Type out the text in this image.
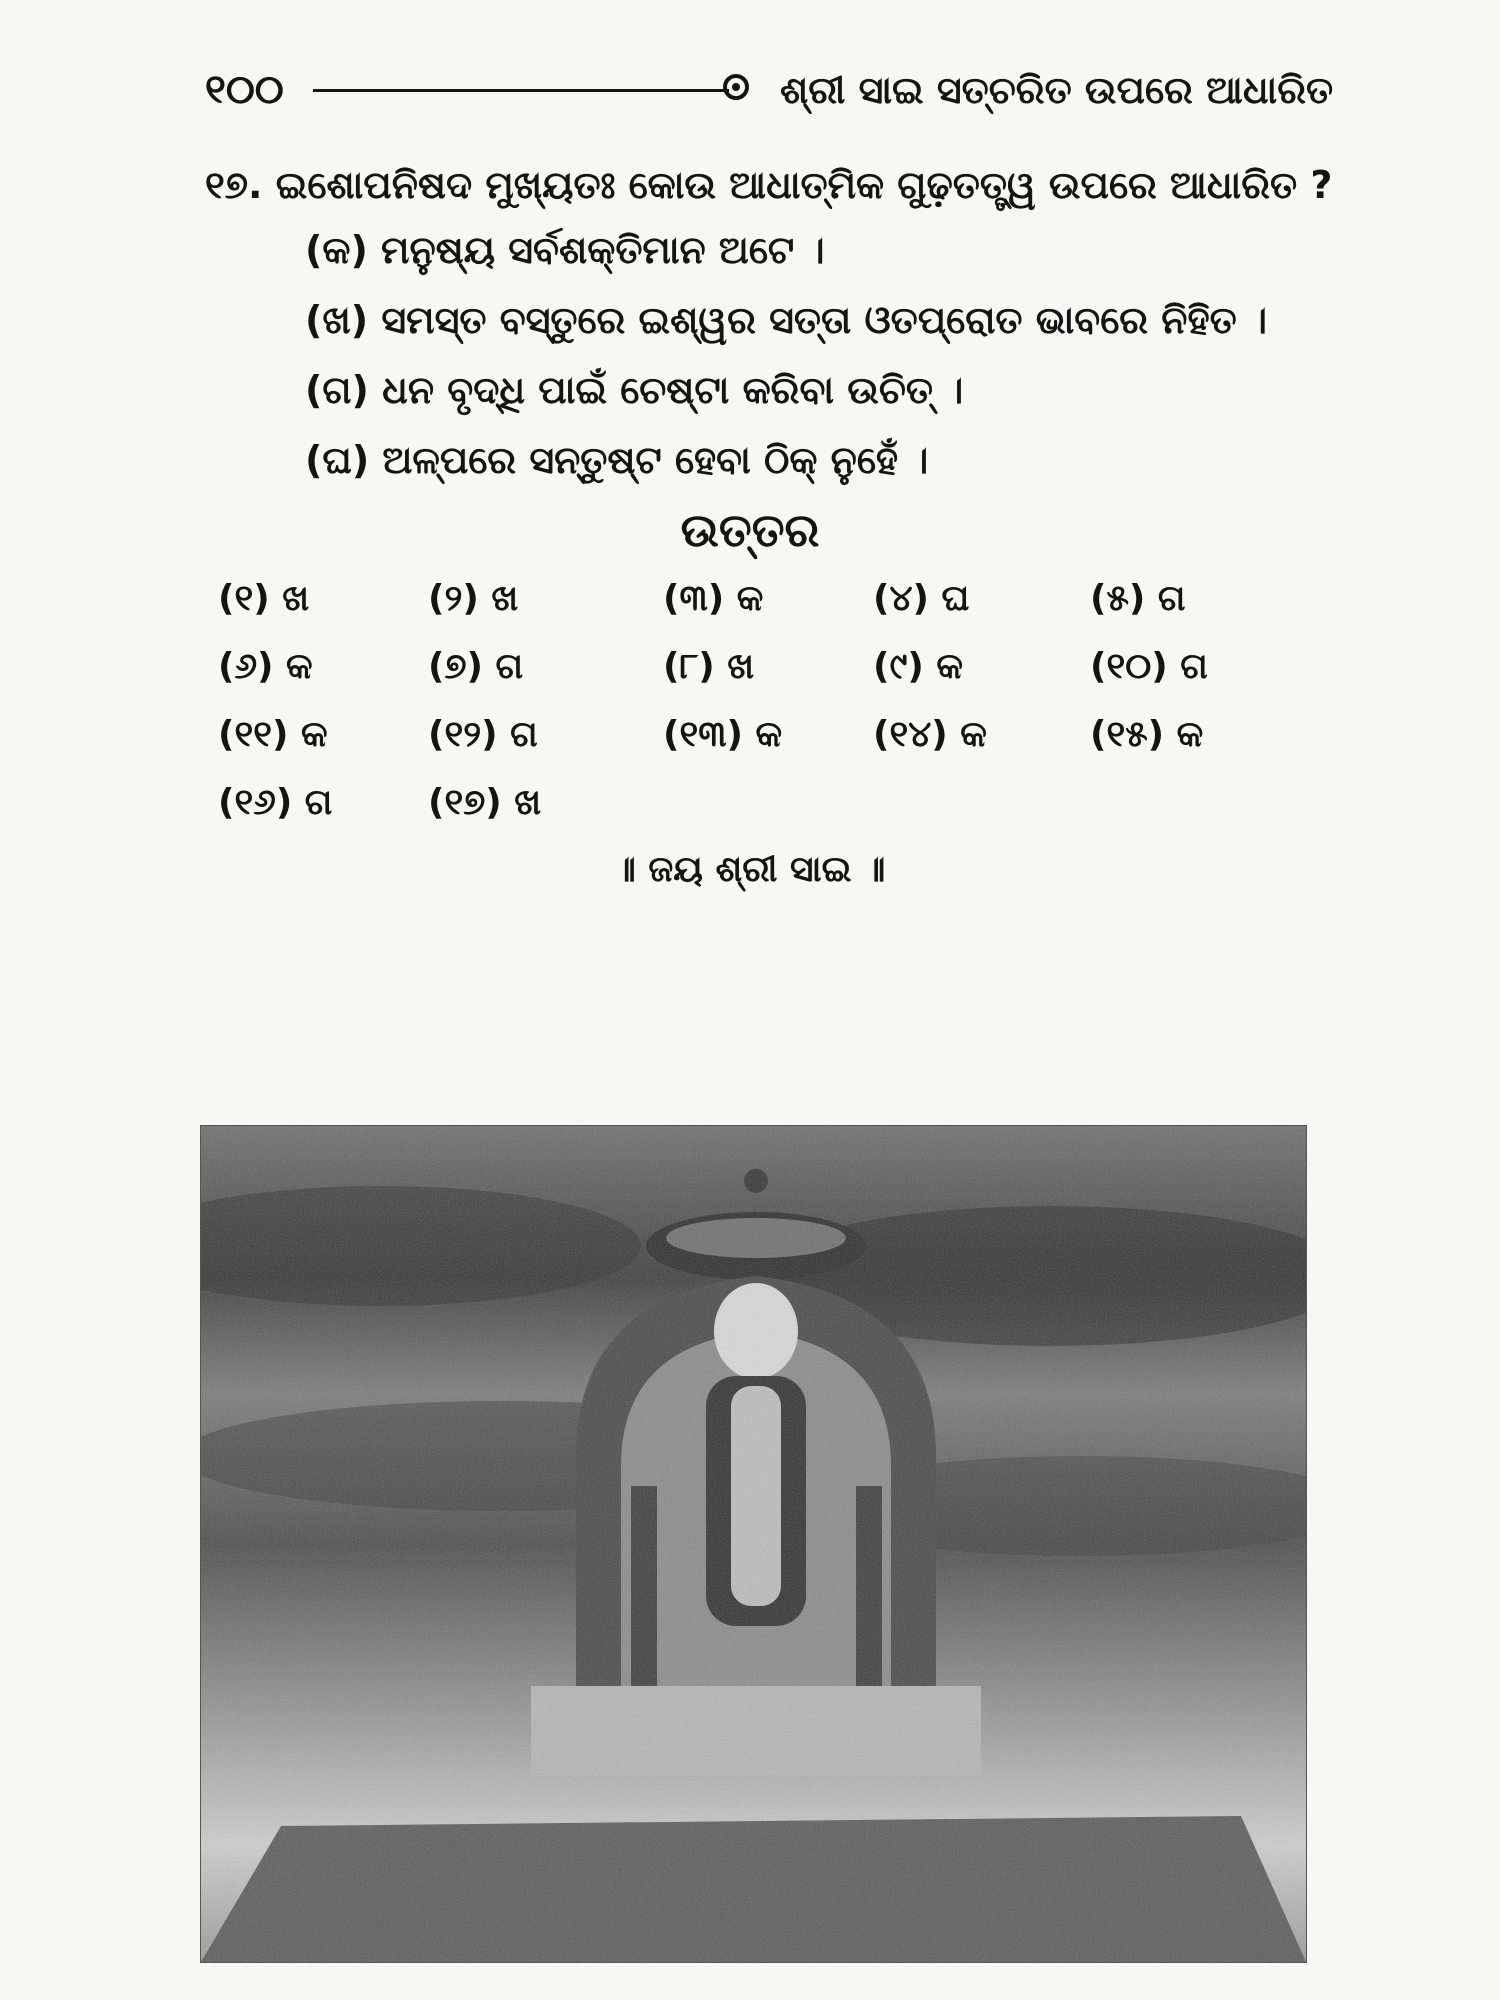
୧୦୦	ଶ୍ରୀ ସାଇ ସତ୍‌ଚରିତ ଉପରେ ଆଧାରିତ
୧୭. ଇଶୋପନିଷଦ ମୁଖ୍ୟତଃ କୋଉ ଆଧାତ୍ମିକ ଗୁଢ଼ତତ୍ତ୍ୱ ଉପରେ ଆଧାରିତ ?
(କ) ମନୁଷ୍ୟ ସର୍ବଶକ୍ତିମାନ ଅଟେ ।
(ଖ) ସମସ୍ତ ବସ୍ତୁରେ ଇଶ୍ୱର ସତ୍ତା ଓତପ୍ରୋତ ଭାବରେ ନିହିତ ।
(ଗ) ଧନ ବୃଦ୍ଧି ପାଇଁ ଚେଷ୍ଟା କରିବା ଉଚିତ୍ ।
(ଘ) ଅଳ୍ପରେ ସନ୍ତୁଷ୍ଟ ହେବା ଠିକ୍ ନୁହେଁ ।
ଉତ୍ତର
(୧) ଖ	(୨) ଖ	(୩) କ	(୪) ଘ	(୫) ଗ
(୬) କ	(୭) ଗ	(୮) ଖ	(୯) କ	(୧୦) ଗ
(୧୧) କ	(୧୨) ଗ	(୧୩) କ	(୧୪) କ	(୧୫) କ
(୧୬) ଗ	(୧୭) ଖ
॥ ଜୟ ଶ୍ରୀ ସାଇ ॥
